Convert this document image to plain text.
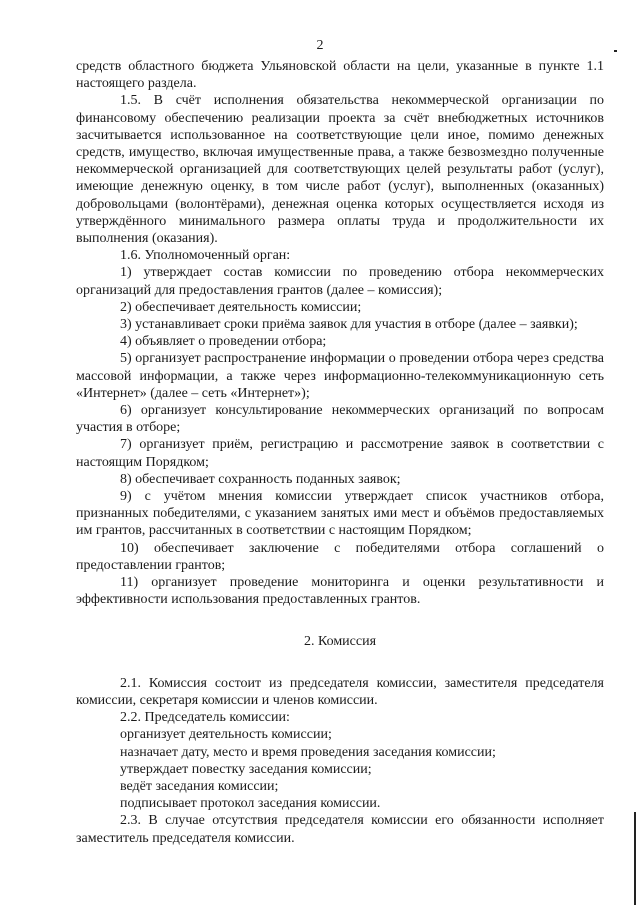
2

средств областного бюджета Ульяновской области на цели, указанные в пункте 1.1 настоящего раздела.

1.5. В счёт исполнения обязательства некоммерческой организации по финансовому обеспечению реализации проекта за счёт внебюджетных источников засчитывается использованное на соответствующие цели иное, помимо денежных средств, имущество, включая имущественные права, а также безвозмездно полученные некоммерческой организацией для соответствующих целей результаты работ (услуг), имеющие денежную оценку, в том числе работ (услуг), выполненных (оказанных) добровольцами (волонтёрами), денежная оценка которых осуществляется исходя из утверждённого минимального размера оплаты труда и продолжительности их выполнения (оказания).

1.6. Уполномоченный орган:

1) утверждает состав комиссии по проведению отбора некоммерческих организаций для предоставления грантов (далее – комиссия);

2) обеспечивает деятельность комиссии;

3) устанавливает сроки приёма заявок для участия в отборе (далее – заявки);

4) объявляет о проведении отбора;

5) организует распространение информации о проведении отбора через средства массовой информации, а также через информационно-телекоммуникационную сеть «Интернет» (далее – сеть «Интернет»);

6) организует консультирование некоммерческих организаций по вопросам участия в отборе;

7) организует приём, регистрацию и рассмотрение заявок в соответствии с настоящим Порядком;

8) обеспечивает сохранность поданных заявок;

9) с учётом мнения комиссии утверждает список участников отбора, признанных победителями, с указанием занятых ими мест и объёмов предоставляемых им грантов, рассчитанных в соответствии с настоящим Порядком;

10) обеспечивает заключение с победителями отбора соглашений о предоставлении грантов;

11) организует проведение мониторинга и оценки результативности и эффективности использования предоставленных грантов.

2. Комиссия

2.1. Комиссия состоит из председателя комиссии, заместителя председателя комиссии, секретаря комиссии и членов комиссии.

2.2. Председатель комиссии:

организует деятельность комиссии;

назначает дату, место и время проведения заседания комиссии;

утверждает повестку заседания комиссии;

ведёт заседания комиссии;

подписывает протокол заседания комиссии.

2.3. В случае отсутствия председателя комиссии его обязанности исполняет заместитель председателя комиссии.
